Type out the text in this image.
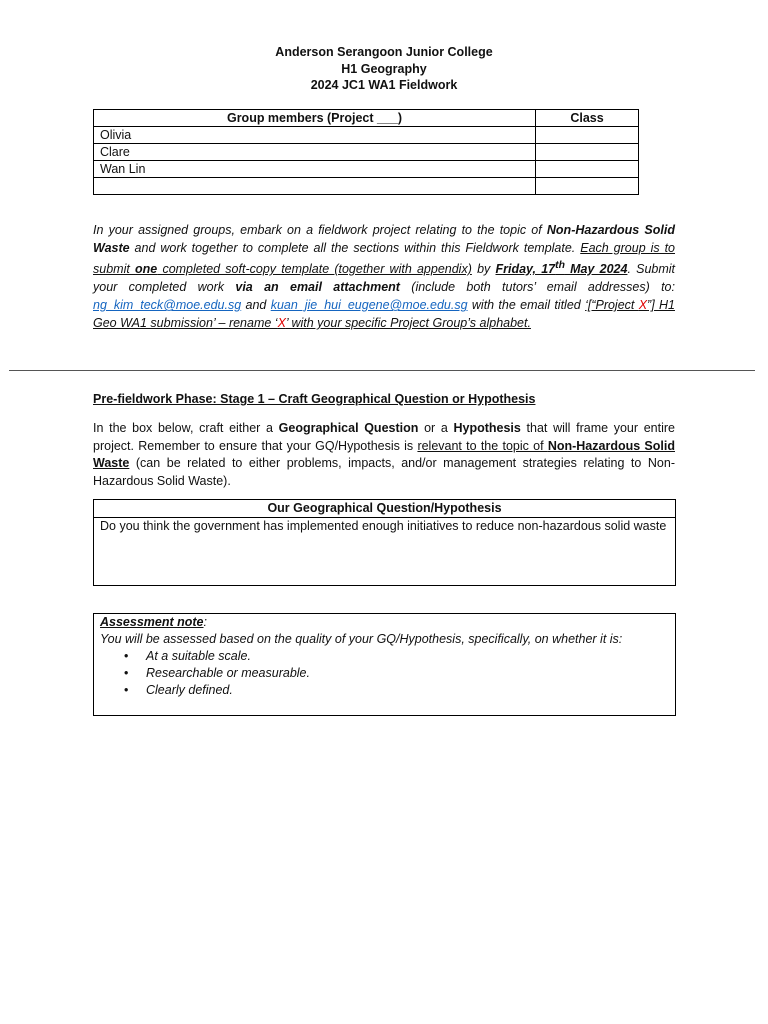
Anderson Serangoon Junior College
H1 Geography
2024 JC1 WA1 Fieldwork
Group members (Project ___)	Class
Olivia	
Clare	
Wan Lin	

In your assigned groups, embark on a fieldwork project relating to the topic of Non-Hazardous Solid Waste and work together to complete all the sections within this Fieldwork template. Each group is to submit one completed soft-copy template (together with appendix) by Friday, 17th May 2024. Submit your completed work via an email attachment (include both tutors’ email addresses) to: ng_kim_teck@moe.edu.sg and kuan_jie_hui_eugene@moe.edu.sg with the email titled ‘[“Project X”] H1 Geo WA1 submission’ – rename ‘X’ with your specific Project Group’s alphabet.
Pre-fieldwork Phase: Stage 1 – Craft Geographical Question or Hypothesis
In the box below, craft either a Geographical Question or a Hypothesis that will frame your entire project. Remember to ensure that your GQ/Hypothesis is relevant to the topic of Non-Hazardous Solid Waste (can be related to either problems, impacts, and/or management strategies relating to Non-Hazardous Solid Waste).
Our Geographical Question/Hypothesis
Do you think the government has implemented enough initiatives to reduce non-hazardous solid waste
Assessment note:
You will be assessed based on the quality of your GQ/Hypothesis, specifically, on whether it is:
• At a suitable scale.
• Researchable or measurable.
• Clearly defined.
